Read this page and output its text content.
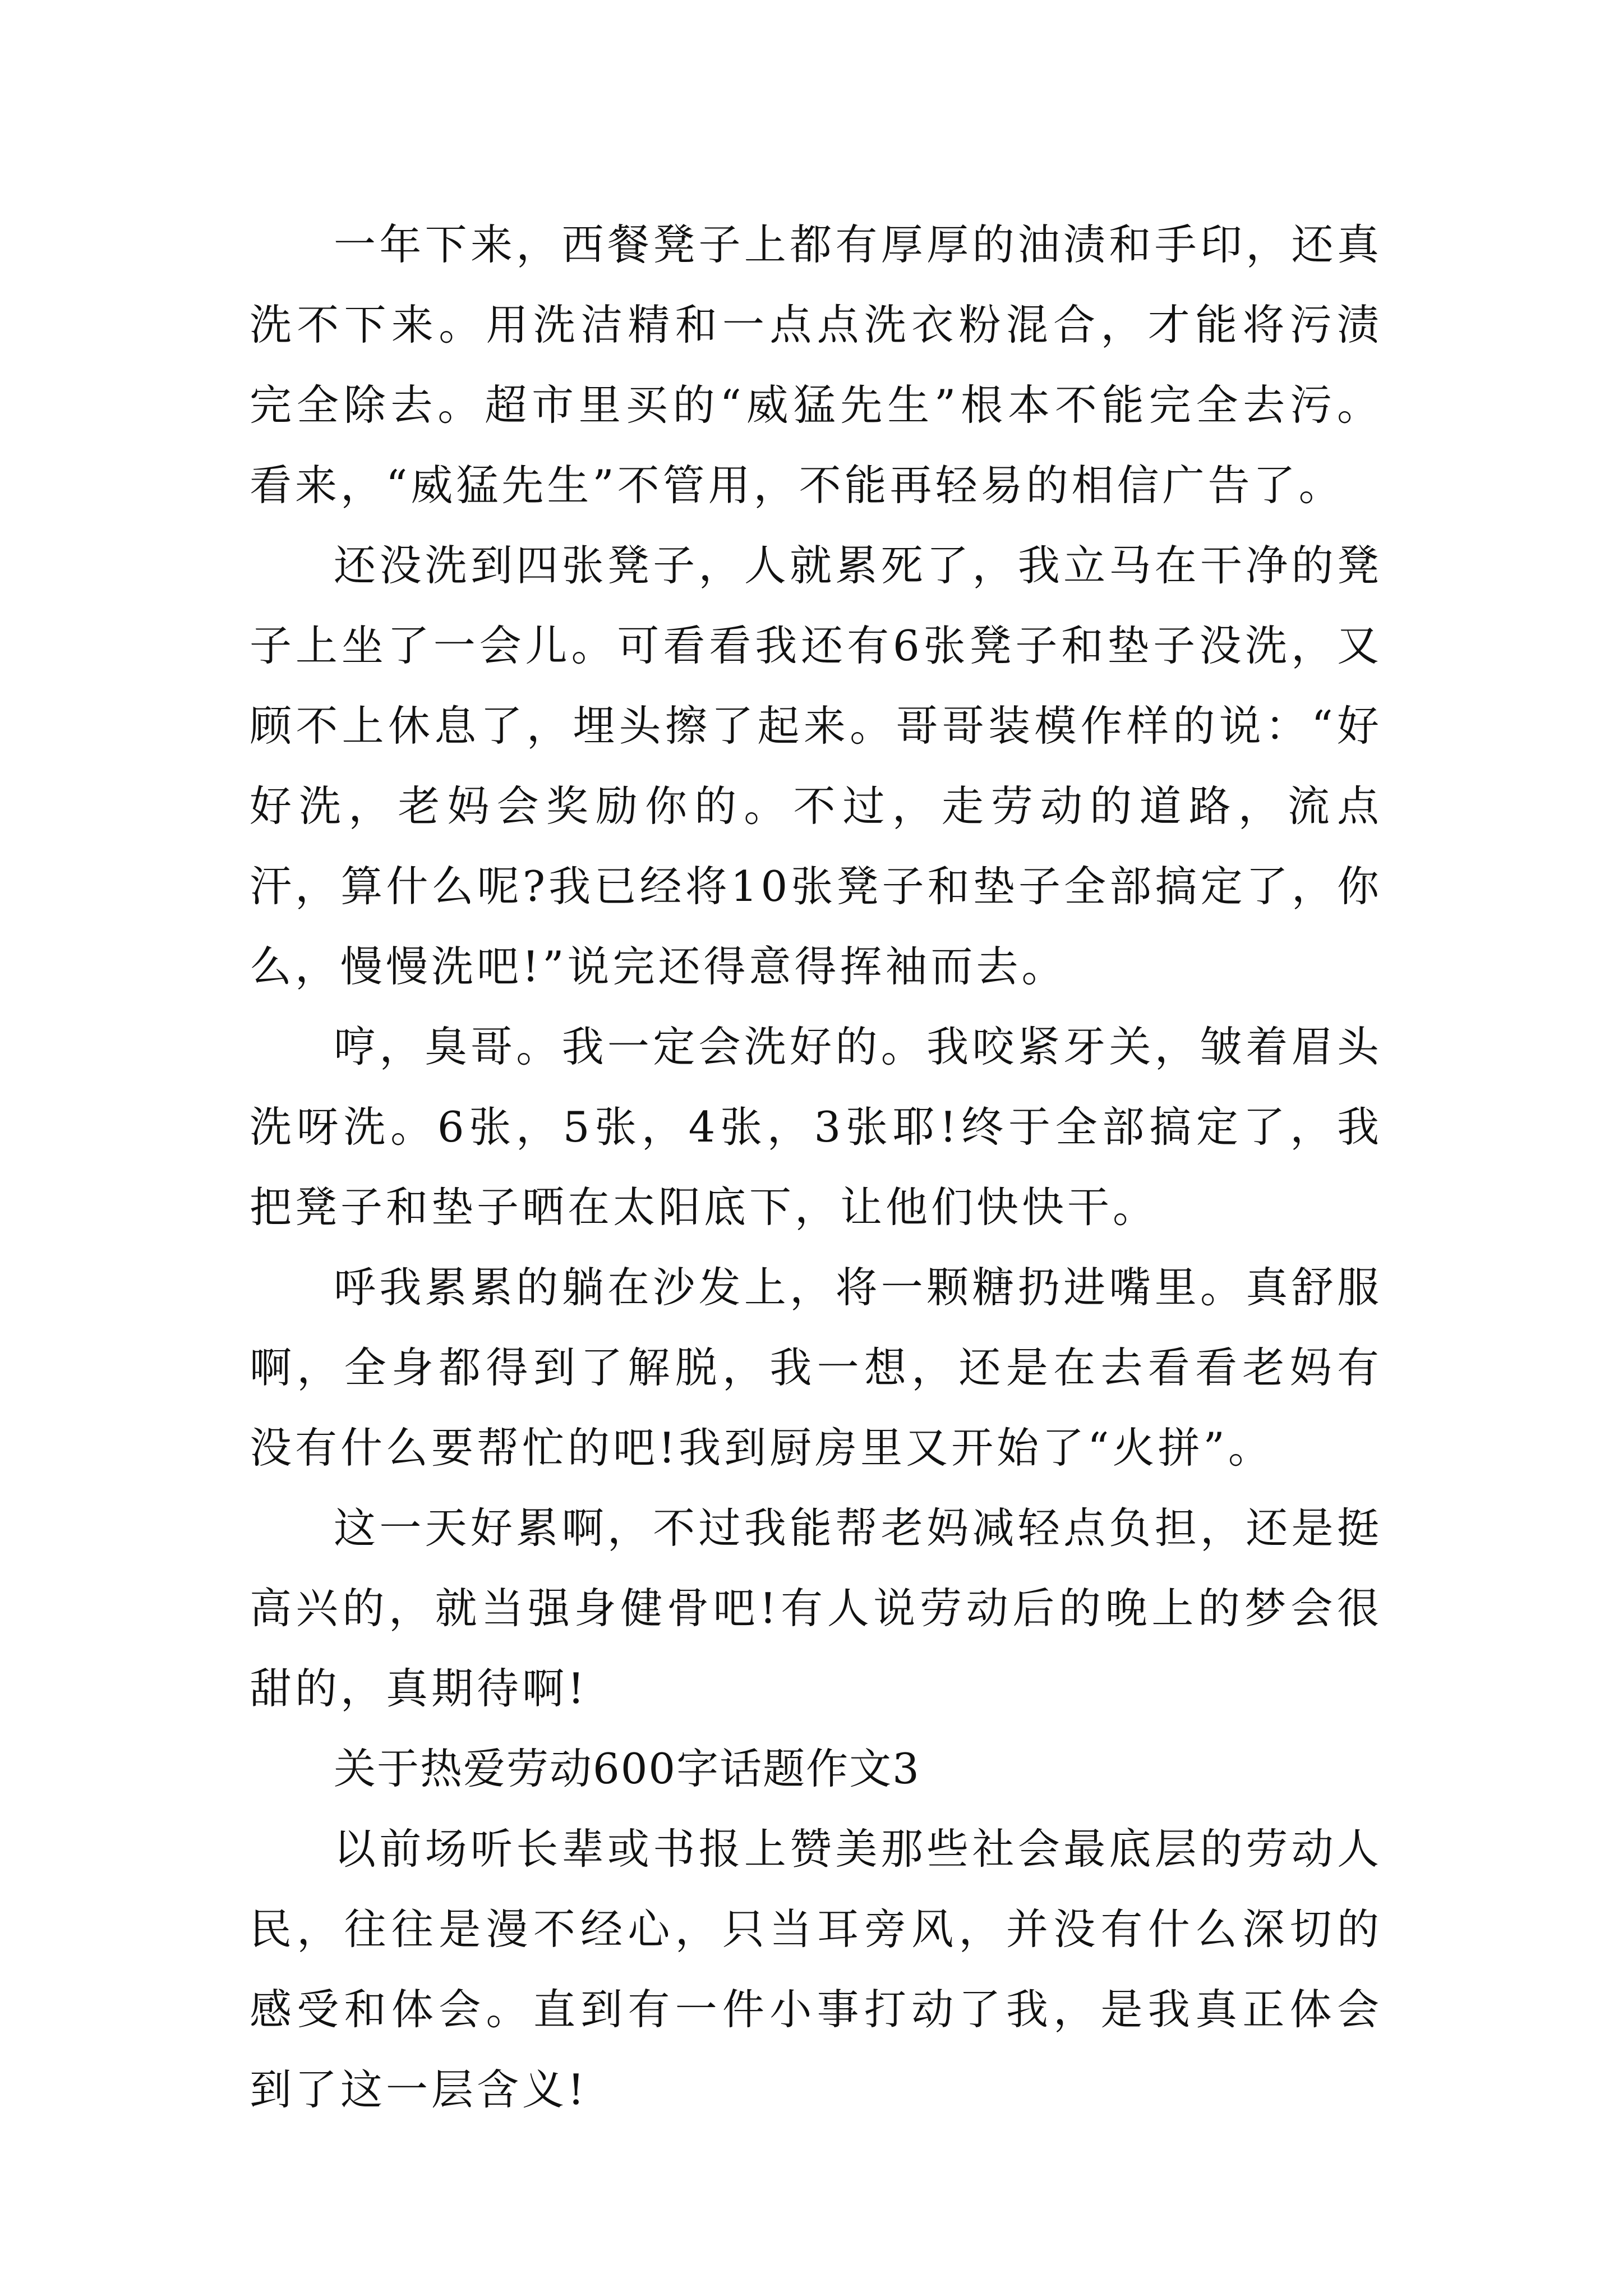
一年下来，西餐凳子上都有厚厚的油渍和手印，还真洗不下来。用洗洁精和一点点洗衣粉混合，才能将污渍完全除去。超市里买的“威猛先生”根本不能完全去污。看来，“威猛先生”不管用，不能再轻易的相信广告了。

还没洗到四张凳子，人就累死了，我立马在干净的凳子上坐了一会儿。可看看我还有6张凳子和垫子没洗，又顾不上休息了，埋头擦了起来。哥哥装模作样的说：“好好洗，老妈会奖励你的。不过，走劳动的道路，流点汗，算什么呢?我已经将10张凳子和垫子全部搞定了，你么，慢慢洗吧!”说完还得意得挥袖而去。

哼，臭哥。我一定会洗好的。我咬紧牙关，皱着眉头洗呀洗。6张，5张，4张，3张耶!终于全部搞定了，我把凳子和垫子晒在太阳底下，让他们快快干。

呼我累累的躺在沙发上，将一颗糖扔进嘴里。真舒服啊，全身都得到了解脱，我一想，还是在去看看老妈有没有什么要帮忙的吧!我到厨房里又开始了“火拼”。

这一天好累啊，不过我能帮老妈减轻点负担，还是挺高兴的，就当强身健骨吧!有人说劳动后的晚上的梦会很甜的，真期待啊!

关于热爱劳动600字话题作文3

以前场听长辈或书报上赞美那些社会最底层的劳动人民，往往是漫不经心，只当耳旁风，并没有什么深切的感受和体会。直到有一件小事打动了我，是我真正体会到了这一层含义!
